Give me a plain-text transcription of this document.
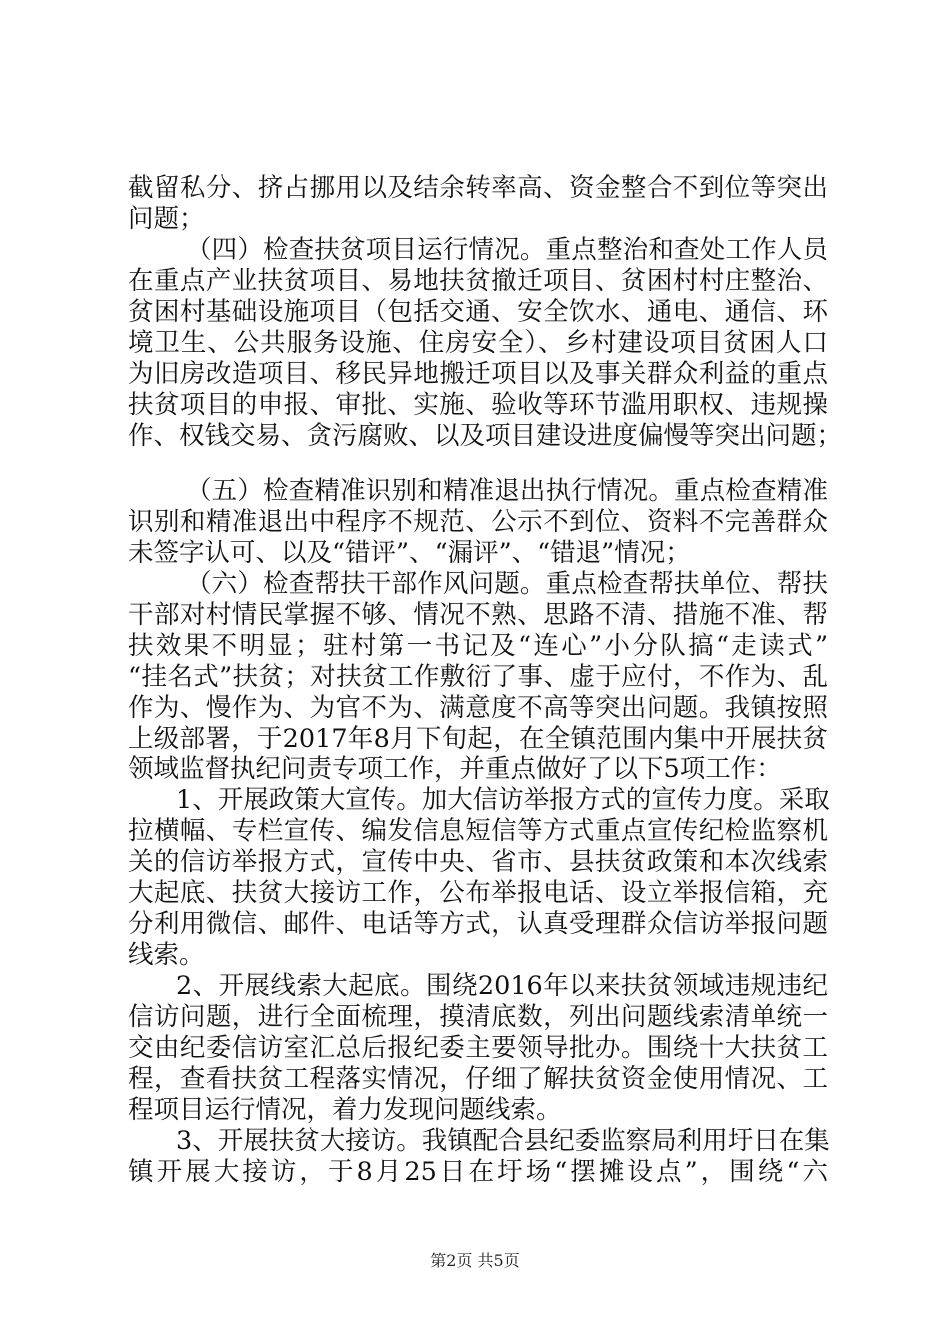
截留私分、挤占挪用以及结余转率高、资金整合不到位等突出
问题；
（四）检查扶贫项目运行情况。重点整治和查处工作人员
在重点产业扶贫项目、易地扶贫撤迁项目、贫困村村庄整治、
贫困村基础设施项目（包括交通、安全饮水、通电、通信、环
境卫生、公共服务设施、住房安全）、乡村建设项目贫困人口
为旧房改造项目、移民异地搬迁项目以及事关群众利益的重点
扶贫项目的申报、审批、实施、验收等环节滥用职权、违规操
作、权钱交易、贪污腐败、以及项目建设进度偏慢等突出问题；
（五）检查精准识别和精准退出执行情况。重点检查精准
识别和精准退出中程序不规范、公示不到位、资料不完善群众
未签字认可、以及“错评”、“漏评”、“错退”情况；
（六）检查帮扶干部作风问题。重点检查帮扶单位、帮扶
干部对村情民掌握不够、情况不熟、思路不清、措施不准、帮
扶效果不明显；驻村第一书记及“连心”小分队搞“走读式”
“挂名式”扶贫；对扶贫工作敷衍了事、虚于应付，不作为、乱
作为、慢作为、为官不为、满意度不高等突出问题。我镇按照
上级部署，于2017年8月下旬起，在全镇范围内集中开展扶贫
领域监督执纪问责专项工作，并重点做好了以下5项工作：
1、开展政策大宣传。加大信访举报方式的宣传力度。采取
拉横幅、专栏宣传、编发信息短信等方式重点宣传纪检监察机
关的信访举报方式，宣传中央、省市、县扶贫政策和本次线索
大起底、扶贫大接访工作，公布举报电话、设立举报信箱，充
分利用微信、邮件、电话等方式，认真受理群众信访举报问题
线索。
2、开展线索大起底。围绕2016年以来扶贫领域违规违纪
信访问题，进行全面梳理，摸清底数，列出问题线索清单统一
交由纪委信访室汇总后报纪委主要领导批办。围绕十大扶贫工
程，查看扶贫工程落实情况，仔细了解扶贫资金使用情况、工
程项目运行情况，着力发现问题线索。
3、开展扶贫大接访。我镇配合县纪委监察局利用圩日在集
镇开展大接访，于8月25日在圩场“摆摊设点”，围绕“六
第2页 共5页
